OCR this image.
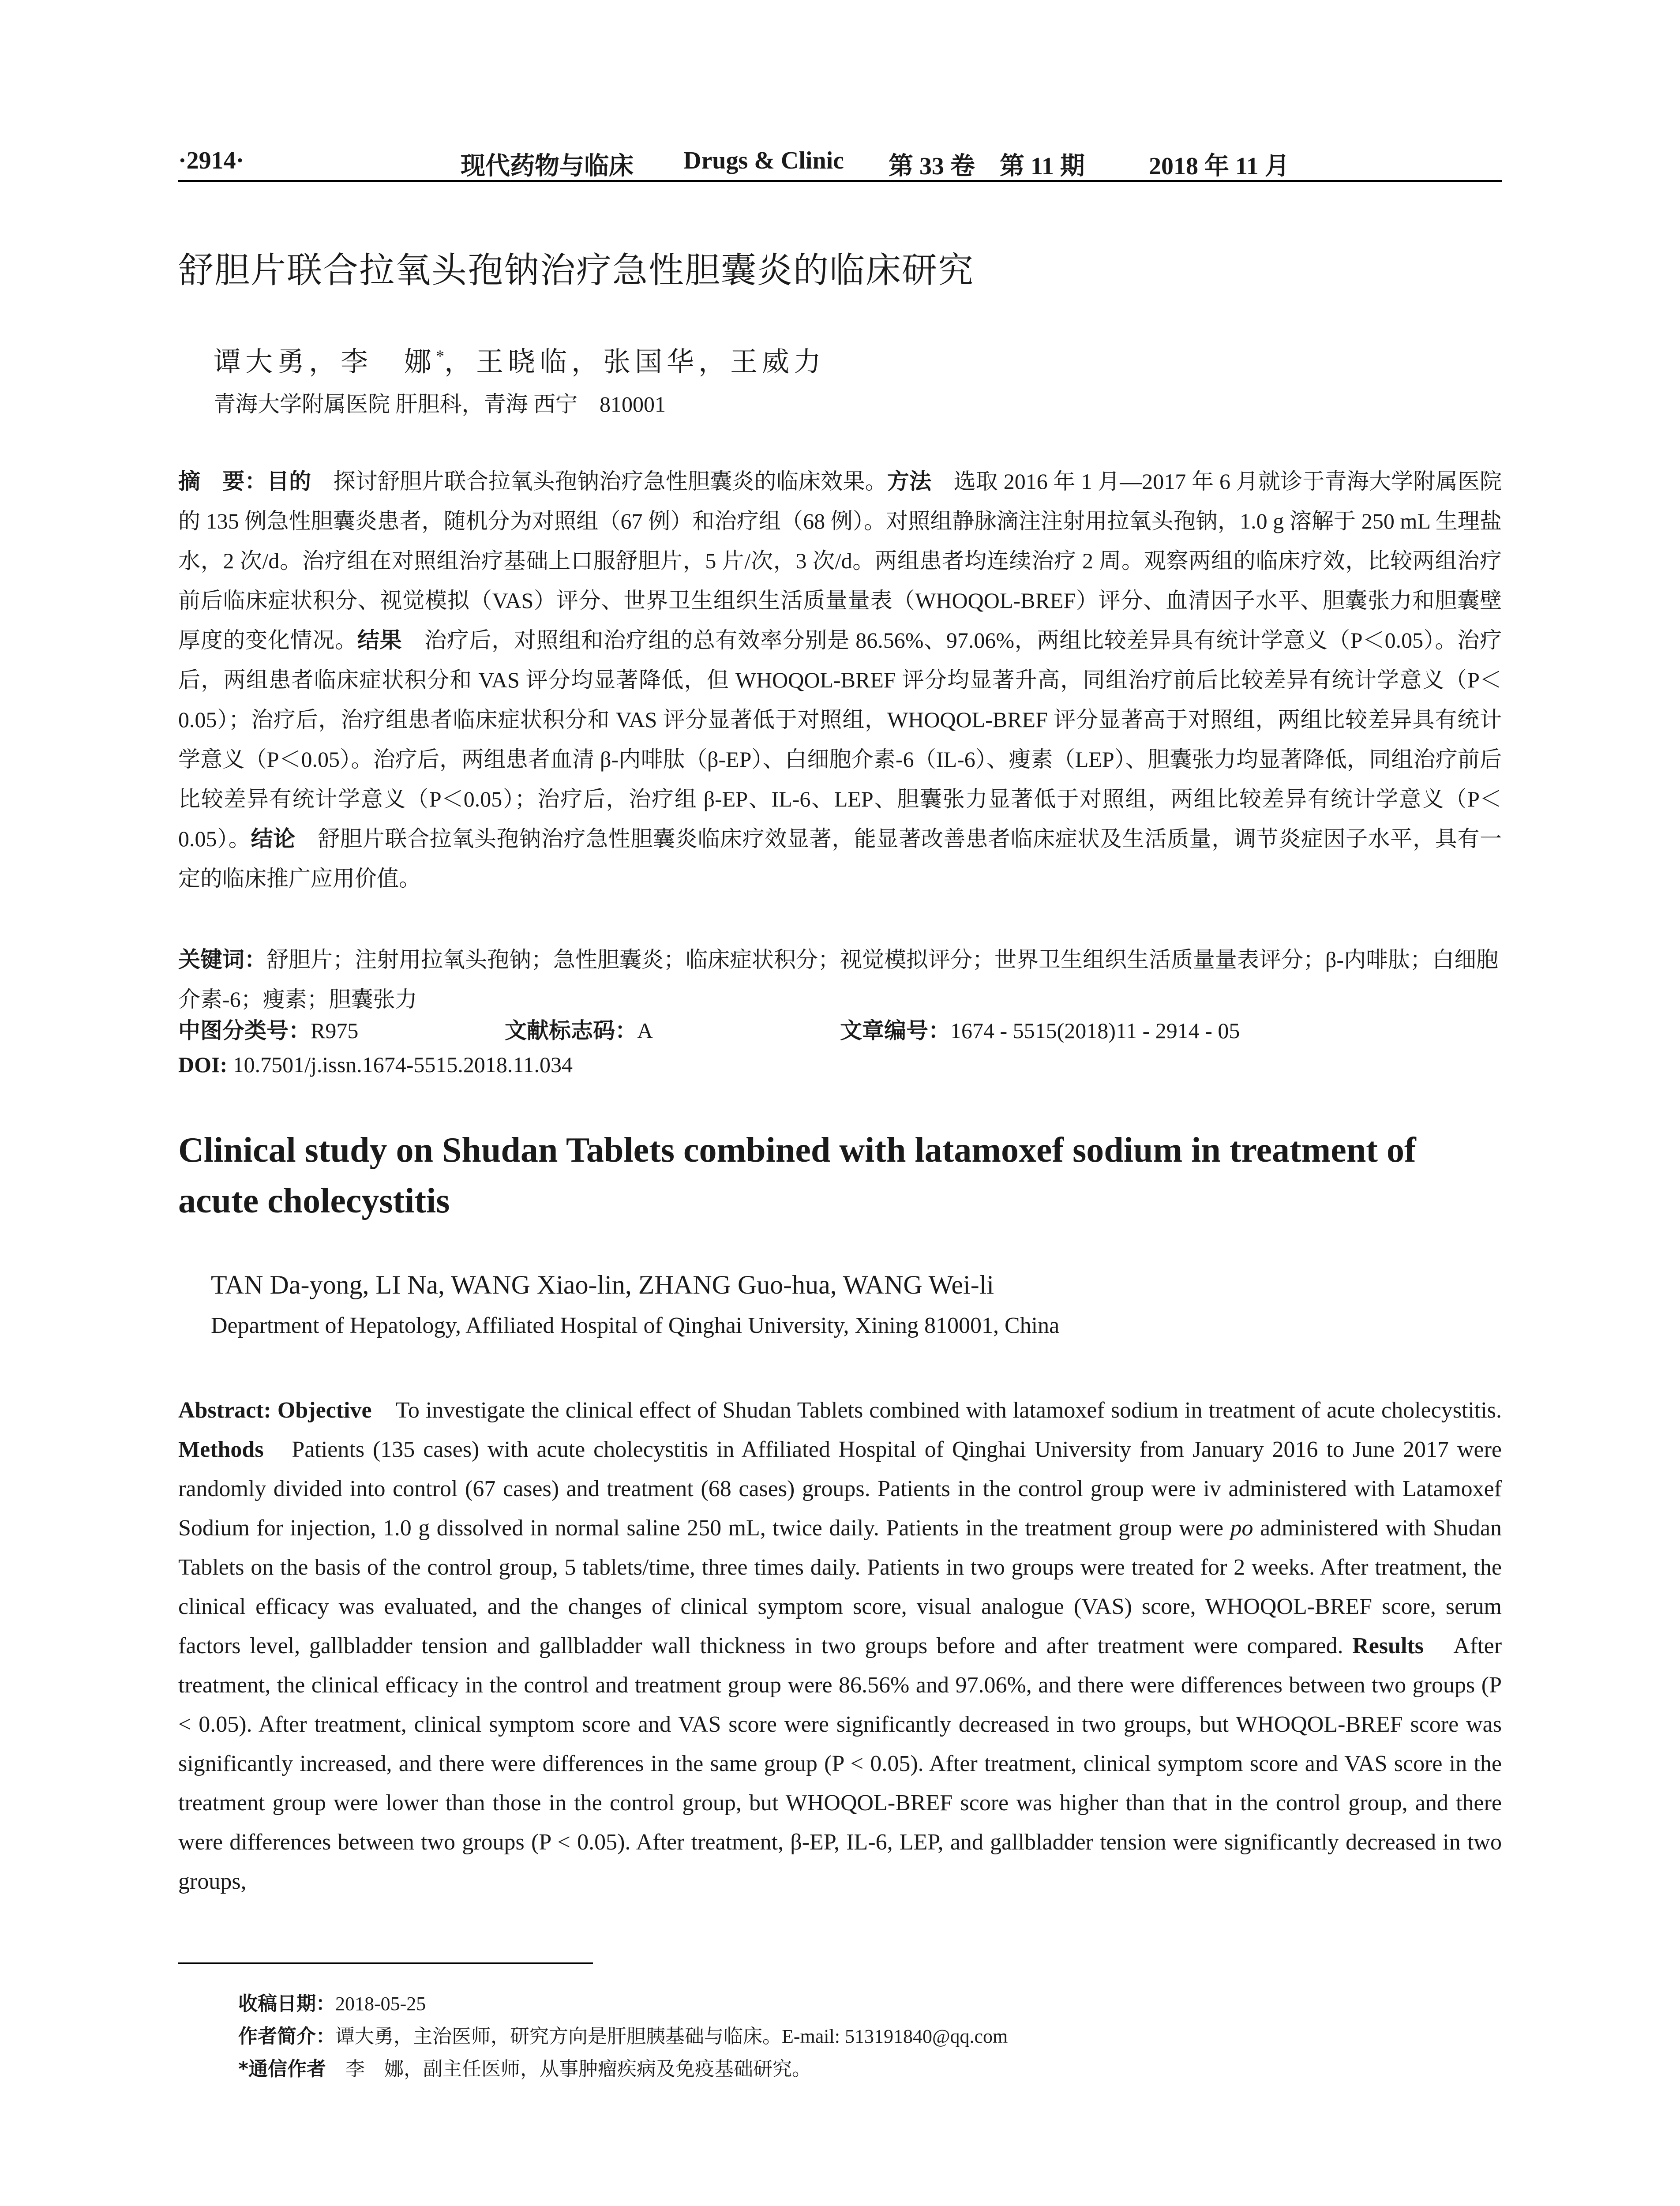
·2914·	现代药物与临床 Drugs & Clinic 第 33 卷　第 11 期	2018 年 11 月
舒胆片联合拉氧头孢钠治疗急性胆囊炎的临床研究
谭大勇，李　娜*，王晓临，张国华，王威力
青海大学附属医院 肝胆科，青海 西宁　810001
摘　要：目的　探讨舒胆片联合拉氧头孢钠治疗急性胆囊炎的临床效果。方法　选取 2016 年 1 月—2017 年 6 月就诊于青海大学附属医院的 135 例急性胆囊炎患者，随机分为对照组（67 例）和治疗组（68 例）。对照组静脉滴注注射用拉氧头孢钠，1.0 g 溶解于 250 mL 生理盐水，2 次/d。治疗组在对照组治疗基础上口服舒胆片，5 片/次，3 次/d。两组患者均连续治疗 2 周。观察两组的临床疗效，比较两组治疗前后临床症状积分、视觉模拟（VAS）评分、世界卫生组织生活质量量表（WHOQOL-BREF）评分、血清因子水平、胆囊张力和胆囊壁厚度的变化情况。结果　治疗后，对照组和治疗组的总有效率分别是 86.56%、97.06%，两组比较差异具有统计学意义（P＜0.05）。治疗后，两组患者临床症状积分和 VAS 评分均显著降低，但 WHOQOL-BREF 评分均显著升高，同组治疗前后比较差异有统计学意义（P＜0.05）；治疗后，治疗组患者临床症状积分和 VAS 评分显著低于对照组，WHOQOL-BREF 评分显著高于对照组，两组比较差异具有统计学意义（P＜0.05）。治疗后，两组患者血清 β-内啡肽（β-EP）、白细胞介素-6（IL-6）、瘦素（LEP）、胆囊张力均显著降低，同组治疗前后比较差异有统计学意义（P＜0.05）；治疗后，治疗组 β-EP、IL-6、LEP、胆囊张力显著低于对照组，两组比较差异有统计学意义（P＜0.05）。结论　舒胆片联合拉氧头孢钠治疗急性胆囊炎临床疗效显著，能显著改善患者临床症状及生活质量，调节炎症因子水平，具有一定的临床推广应用价值。
关键词：舒胆片；注射用拉氧头孢钠；急性胆囊炎；临床症状积分；视觉模拟评分；世界卫生组织生活质量量表评分；β-内啡肽；白细胞介素-6；瘦素；胆囊张力
中图分类号：R975	文献标志码：A	文章编号：1674 - 5515(2018)11 - 2914 - 05
DOI: 10.7501/j.issn.1674-5515.2018.11.034
Clinical study on Shudan Tablets combined with latamoxef sodium in treatment of acute cholecystitis
TAN Da-yong, LI Na, WANG Xiao-lin, ZHANG Guo-hua, WANG Wei-li
Department of Hepatology, Affiliated Hospital of Qinghai University, Xining 810001, China
Abstract: Objective　To investigate the clinical effect of Shudan Tablets combined with latamoxef sodium in treatment of acute cholecystitis. Methods　Patients (135 cases) with acute cholecystitis in Affiliated Hospital of Qinghai University from January 2016 to June 2017 were randomly divided into control (67 cases) and treatment (68 cases) groups. Patients in the control group were iv administered with Latamoxef Sodium for injection, 1.0 g dissolved in normal saline 250 mL, twice daily. Patients in the treatment group were po administered with Shudan Tablets on the basis of the control group, 5 tablets/time, three times daily. Patients in two groups were treated for 2 weeks. After treatment, the clinical efficacy was evaluated, and the changes of clinical symptom score, visual analogue (VAS) score, WHOQOL-BREF score, serum factors level, gallbladder tension and gallbladder wall thickness in two groups before and after treatment were compared. Results　After treatment, the clinical efficacy in the control and treatment group were 86.56% and 97.06%, and there were differences between two groups (P < 0.05). After treatment, clinical symptom score and VAS score were significantly decreased in two groups, but WHOQOL-BREF score was significantly increased, and there were differences in the same group (P < 0.05). After treatment, clinical symptom score and VAS score in the treatment group were lower than those in the control group, but WHOQOL-BREF score was higher than that in the control group, and there were differences between two groups (P < 0.05). After treatment, β-EP, IL-6, LEP, and gallbladder tension were significantly decreased in two groups,
收稿日期：2018-05-25
作者简介：谭大勇，主治医师，研究方向是肝胆胰基础与临床。E-mail: 513191840@qq.com
*通信作者　李　娜，副主任医师，从事肿瘤疾病及免疫基础研究。
